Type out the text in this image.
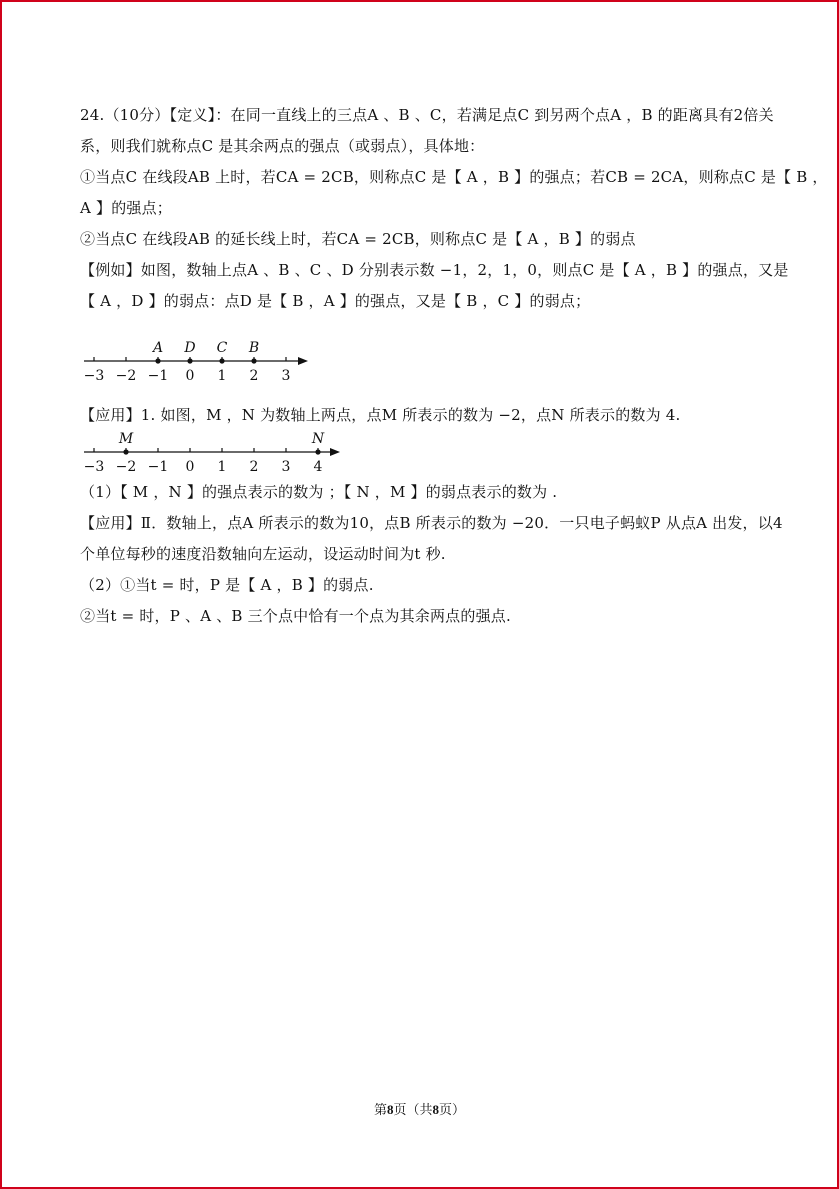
24.（10分）【定义】：在同一直线上的三点A 、B 、C，若满足点C 到另两个点A ，B 的距离具有2倍关

系，则我们就称点C 是其余两点的强点（或弱点），具体地：

①当点C 在线段AB 上时，若CA = 2CB，则称点C 是【 A ，B 】的强点；若CB = 2CA，则称点C 是【 B ，

A 】的强点；

②当点C 在线段AB 的延长线上时，若CA = 2CB，则称点C 是【 A ，B 】的弱点

【例如】如图，数轴上点A 、B 、C 、D 分别表示数 −1，2，1，0，则点C 是【 A ，B 】的强点，又是

【 A ，D 】的弱点：点D 是【 B ，A 】的强点，又是【 B ，C 】的弱点；

−3 −2 −1 0 1 2 3
A D C B

【应用】1. 如图，M ，N 为数轴上两点，点M 所表示的数为 −2，点N 所表示的数为 4.

−3 −2 −1 0 1 2 3 4
M	N

（1）【 M ，N 】的强点表示的数为 ；【 N ，M 】的弱点表示的数为 .

【应用】Ⅱ．数轴上，点A 所表示的数为10，点B 所表示的数为 −20．一只电子蚂蚁P 从点A 出发，以4

个单位每秒的速度沿数轴向左运动，设运动时间为t 秒.

（2）①当t = 时，P 是【 A ，B 】的弱点.

②当t = 时，P 、A 、B 三个点中恰有一个点为其余两点的强点.

第8页（共8页）
